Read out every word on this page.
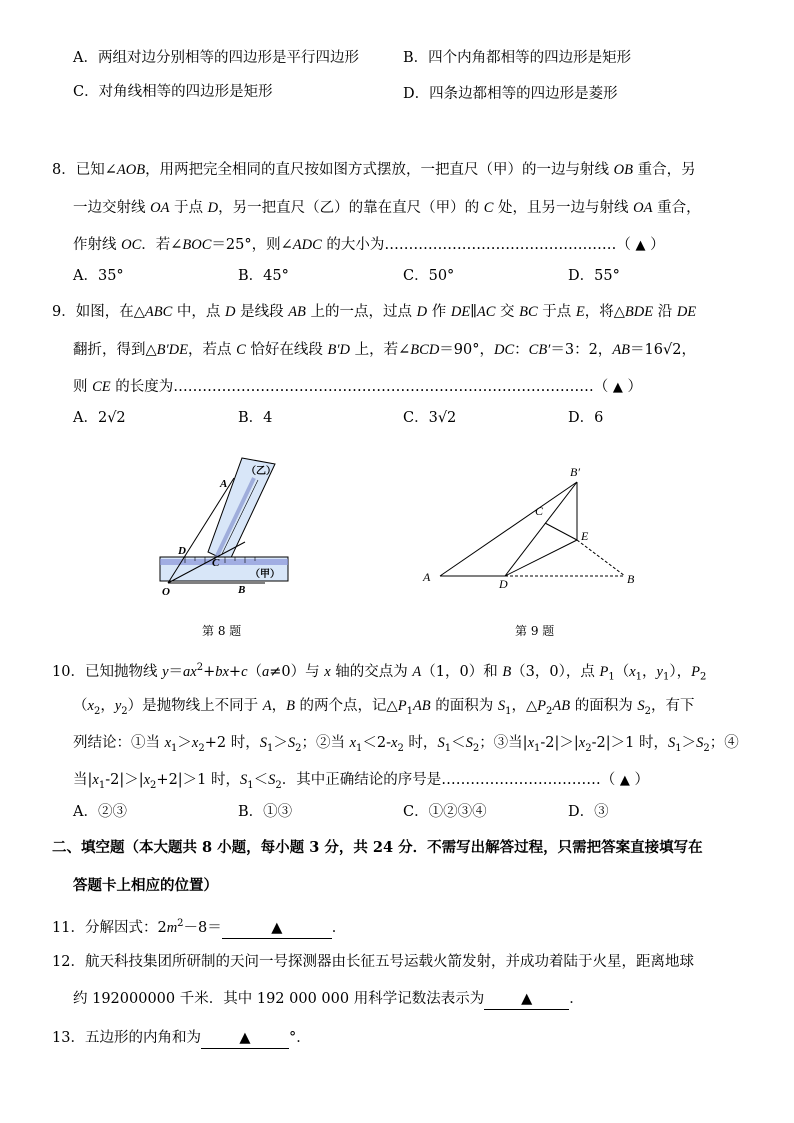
A．两组对边分别相等的四边形是平行四边形	B．四个内角都相等的四边形是矩形
C．对角线相等的四边形是矩形	D．四条边都相等的四边形是菱形
8．已知∠AOB，用两把完全相同的直尺按如图方式摆放，一把直尺（甲）的一边与射线 OB 重合，另
一边交射线 OA 于点 D，另一把直尺（乙）的靠在直尺（甲）的 C 处，且另一边与射线 OA 重合，
作射线 OC．若∠BOC＝25°，则∠ADC 的大小为…………………………………………（ ▲ ）
A．35°	B．45°	C．50°	D．55°
9．如图，在△ABC 中，点 D 是线段 AB 上的一点，过点 D 作 DE∥AC 交 BC 于点 E，将△BDE 沿 DE
翻折，得到△B′DE，若点 C 恰好在线段 B′D 上，若∠BCD＝90°，DC：CB′＝3：2，AB＝16√2，
则 CE 的长度为……………………………………………………………………………（ ▲ ）
A．2√2	B．4	C．3√2	D．6
（乙）
（甲）
A
D
C
O	B
第 8 题
B′
C
E
A	D	B
第 9 题
10．已知抛物线 $y=ax^2+bx+c(a\ne 0)$与 x 轴的交点为 A（1，0）和 B（3，0），点 $P_1(x_1$，$y_1$），$P_2$
（$x_2$，$y_2$）是抛物线上不同于 A，B 的两个点，记$\triangle P_1AB$ 的面积为 $S_1$，$\triangle P_2AB$ 的面积为 $S_2$，有下
列结论：①当 $x_1>x_2+2$ 时，$S_1>S_2$；②当 $x_1<2-x_2$ 时，$S_1<S_2$；③当$|x_1-2|>|x_2-2|>1$ 时，$S_1>S_2$；④
当$|x_1-2|>|x_2+2|>1$ 时，$S_1<S_2$．其中正确结论的序号是……………………………（ ▲ ）
A．②③	B．①③	C．①②③④	D．③
二、填空题（本大题共 8 小题，每小题 3 分，共 24 分．不需写出解答过程，只需把答案直接填写在
答题卡上相应的位置）
11．分解因式：$2m^2-8=$	▲	．
12．航天科技集团所研制的天问一号探测器由长征五号运载火箭发射，并成功着陆于火星，距离地球
约 192000000 千米．其中 192 000 000 用科学记数法表示为	▲	．
13．五边形的内角和为	▲	°．
